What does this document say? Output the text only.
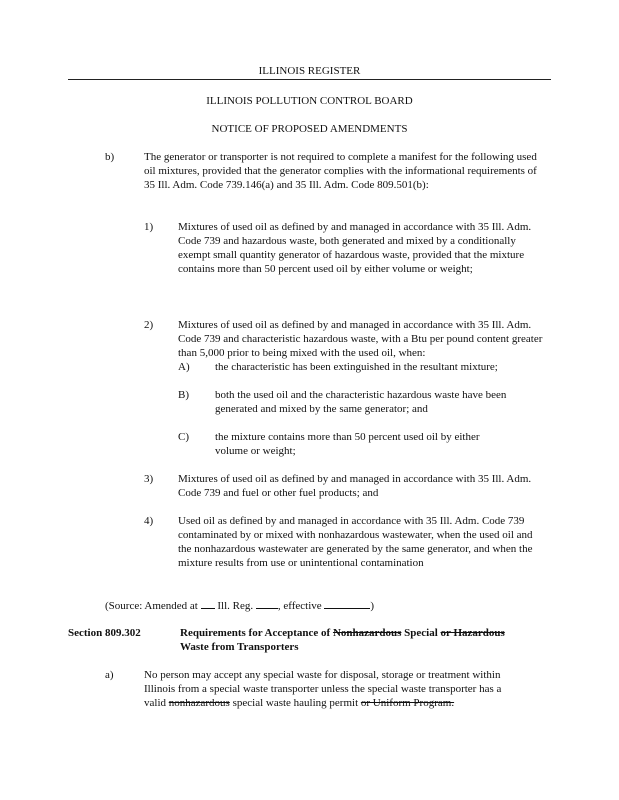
ILLINOIS REGISTER
ILLINOIS POLLUTION CONTROL BOARD
NOTICE OF PROPOSED AMENDMENTS
b)	The generator or transporter is not required to complete a manifest for the following used oil mixtures, provided that the generator complies with the informational requirements of 35 Ill. Adm. Code 739.146(a) and 35 Ill. Adm. Code 809.501(b):
1) Mixtures of used oil as defined by and managed in accordance with 35 Ill. Adm. Code 739 and hazardous waste, both generated and mixed by a conditionally exempt small quantity generator of hazardous waste, provided that the mixture contains more than 50 percent used oil by either volume or weight;
2) Mixtures of used oil as defined by and managed in accordance with 35 Ill. Adm. Code 739 and characteristic hazardous waste, with a Btu per pound content greater than 5,000 prior to being mixed with the used oil, when:
A) the characteristic has been extinguished in the resultant mixture;
B) both the used oil and the characteristic hazardous waste have been generated and mixed by the same generator; and
C) the mixture contains more than 50 percent used oil by either volume or weight;
3) Mixtures of used oil as defined by and managed in accordance with 35 Ill. Adm. Code 739 and fuel or other fuel products; and
4) Used oil as defined by and managed in accordance with 35 Ill. Adm. Code 739 contaminated by or mixed with nonhazardous wastewater, when the used oil and the nonhazardous wastewater are generated by the same generator, and when the mixture results from use or unintentional contamination
(Source: Amended at  Ill. Reg. , effective	)
Section 809.302	Requirements for Acceptance of Nonhazardous Special or Hazardous
Waste from Transporters
a)	No person may accept any special waste for disposal, storage or treatment within
Illinois from a special waste transporter unless the special waste transporter has a
valid nonhazardous special waste hauling permit or Uniform Program.
